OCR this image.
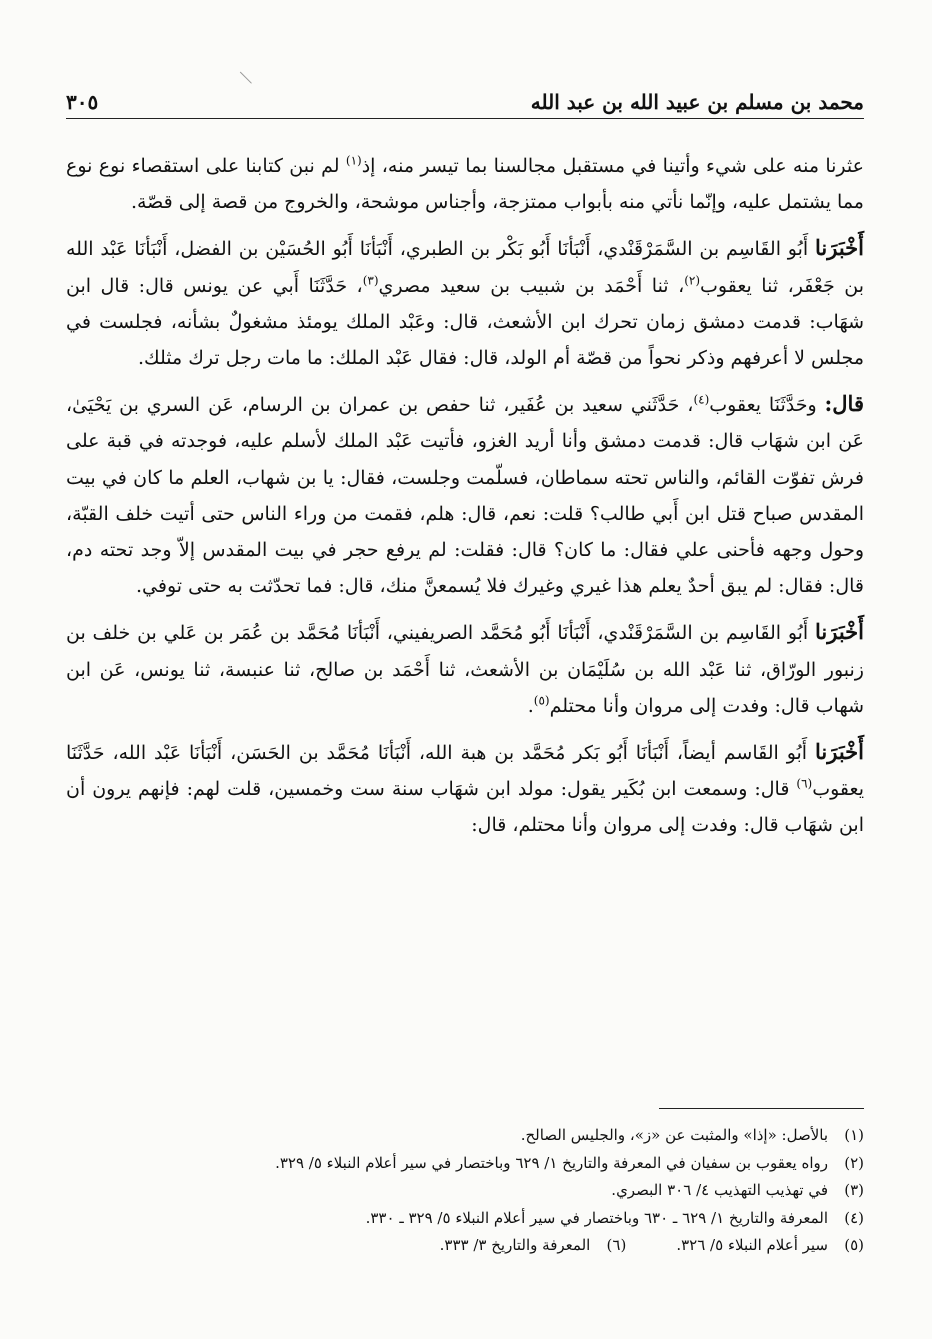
محمد بن مسلم بن عبيد الله بن عبد الله
٣٠٥

عثرنا منه على شيء وأتينا في مستقبل مجالسنا بما تيسر منه، إذ$^{(١)}$ لم نبن كتابنا على استقصاء نوع نوع مما يشتمل عليه، وإنّما نأتي منه بأبواب ممتزجة، وأجناس موشحة، والخروج من قصة إلى قصّة.

أَخْبَرَنا أَبُو القَاسِم بن السَّمَرْقَنْدي، أَنْبَأنَا أَبُو بَكْر بن الطبري، أَنْبَأنَا أَبُو الحُسَيْن بن الفضل، أَنْبَأنَا عَبْد الله بن جَعْفَر، ثنا يعقوب$^{(٢)}$، ثنا أَحْمَد بن شبيب بن سعيد مصري$^{(٣)}$، حَدَّثَنَا أَبي عن يونس قال: قال ابن شهَاب: قدمت دمشق زمان تحرك ابن الأشعث، قال: وعَبْد الملك يومئذ مشغولٌ بشأنه، فجلست في مجلس لا أعرفهم وذكر نحواً من قصّة أم الولد، قال: فقال عَبْد الملك: ما مات رجل ترك مثلك.

قال: وحَدَّثَنَا يعقوب$^{(٤)}$، حَدَّثَني سعيد بن عُفَير، ثنا حفص بن عمران بن الرسام، عَن السري بن يَحْيَىٰ، عَن ابن شهَاب قال: قدمت دمشق وأنا أريد الغزو، فأتيت عَبْد الملك لأسلم عليه، فوجدته في قبة على فرش تفوّت القائم، والناس تحته سماطان، فسلّمت وجلست، فقال: يا بن شهاب، العلم ما كان في بيت المقدس صباح قتل ابن أَبي طالب؟ قلت: نعم، قال: هلم، فقمت من وراء الناس حتى أتيت خلف القبّة، وحول وجهه فأحنى علي فقال: ما كان؟ قال: فقلت: لم يرفع حجر في بيت المقدس إلاّ وجد تحته دم، قال: فقال: لم يبق أحدٌ يعلم هذا غيري وغيرك فلا يُسمعنَّ منك، قال: فما تحدّثت به حتى توفي.

أَخْبَرَنا أَبُو القَاسِم بن السَّمَرْقَنْدي، أَنْبَأنَا أَبُو مُحَمَّد الصريفيني، أَنْبَأنَا مُحَمَّد بن عُمَر بن عَلي بن خلف بن زنبور الورّاق، ثنا عَبْد الله بن سُلَيْمَان بن الأشعث، ثنا أَحْمَد بن صالح، ثنا عنبسة، ثنا يونس، عَن ابن شهاب قال: وفدت إلى مروان وأنا محتلم$^{(٥)}$.

أَخْبَرَنا أَبُو القَاسم أيضاً، أَنْبَأنَا أَبُو بَكر مُحَمَّد بن هبة الله، أَنْبَأنَا مُحَمَّد بن الحَسَن، أَنْبَأنَا عَبْد الله، حَدَّثَنَا يعقوب$^{(٦)}$ قال: وسمعت ابن بُكَير يقول: مولد ابن شهَاب سنة ست وخمسين، قلت لهم: فإنهم يرون أن ابن شهَاب قال: وفدت إلى مروان وأنا محتلم، قال:

(١)
بالأصل: «إذا» والمثبت عن «ز»، والجليس الصالح.
(٢)
رواه يعقوب بن سفيان في المعرفة والتاريخ ١/ ٦٢٩ وباختصار في سير أعلام النبلاء ٥/ ٣٢٩.
(٣)
في تهذيب التهذيب ٤/ ٣٠٦ البصري.
(٤)
المعرفة والتاريخ ١/ ٦٢٩ ـ ٦٣٠ وباختصار في سير أعلام النبلاء ٥/ ٣٢٩ ـ ٣٣٠.
(٥)
سير أعلام النبلاء ٥/ ٣٢٦.
(٦)
المعرفة والتاريخ ٣/ ٣٣٣.
